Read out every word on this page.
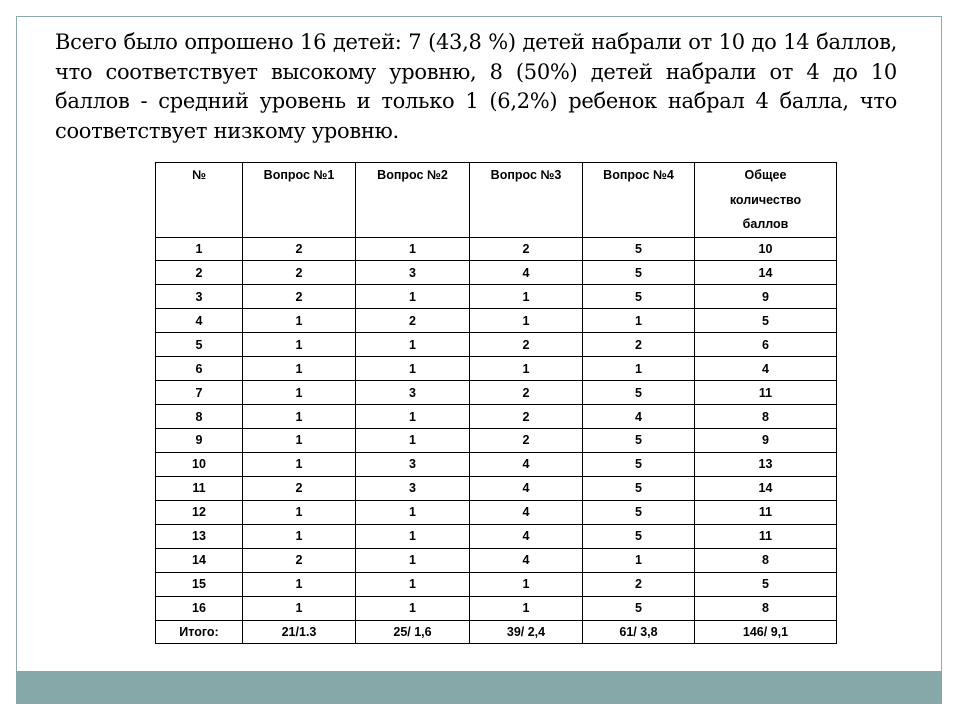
Всего было опрошено 16 детей: 7 (43,8 %) детей набрали от 10 до 14 баллов, что соответствует высокому уровню, 8 (50%) детей набрали от 4 до 10 баллов - средний уровень и только 1 (6,2%) ребенок набрал 4 балла, что соответствует низкому уровню.

№	Вопрос №1	Вопрос №2	Вопрос №3	Вопрос №4	Общее
количество
баллов

1	2	1	2	5	10
2	2	3	4	5	14
3	2	1	1	5	9
4	1	2	1	1	5
5	1	1	2	2	6
6	1	1	1	1	4
7	1	3	2	5	11
8	1	1	2	4	8
9	1	1	2	5	9
10	1	3	4	5	13
11	2	3	4	5	14
12	1	1	4	5	11
13	1	1	4	5	11
14	2	1	4	1	8
15	1	1	1	2	5
16	1	1	1	5	8
Итого:	21/1.3	25/ 1,6	39/ 2,4	61/ 3,8	146/ 9,1
